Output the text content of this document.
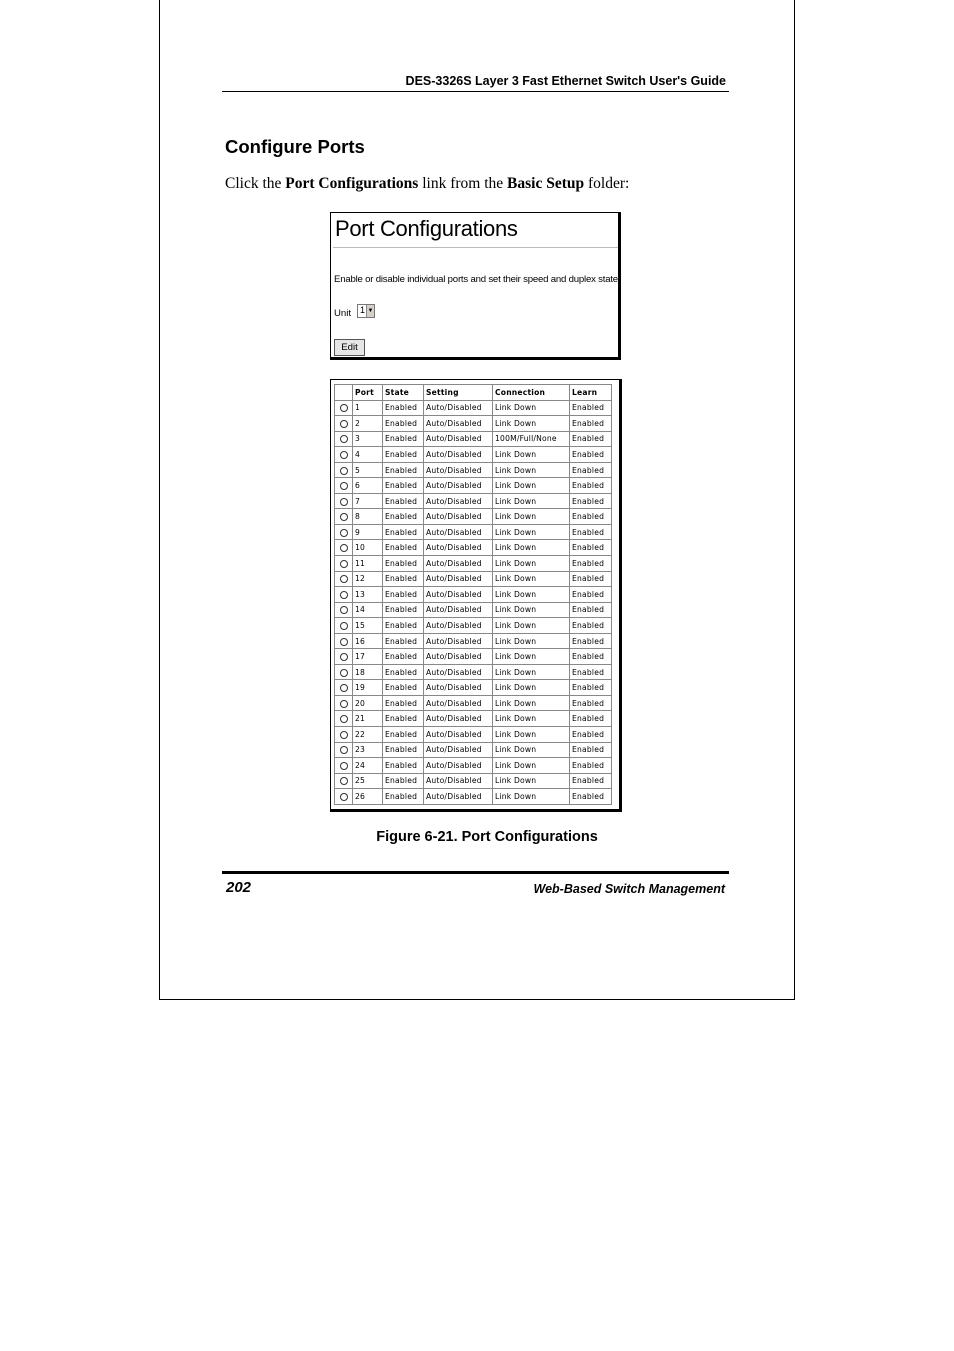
DES-3326S Layer 3 Fast Ethernet Switch User's Guide
Configure Ports
Click the Port Configurations link from the Basic Setup folder:
Port Configurations
Enable or disable individual ports and set their speed and duplex state.
Unit 1 ▼
Edit
	Port	State	Setting	Connection	Learn
	1	Enabled	Auto/Disabled	Link Down	Enabled
	2	Enabled	Auto/Disabled	Link Down	Enabled
	3	Enabled	Auto/Disabled	100M/Full/None	Enabled
	4	Enabled	Auto/Disabled	Link Down	Enabled
	5	Enabled	Auto/Disabled	Link Down	Enabled
	6	Enabled	Auto/Disabled	Link Down	Enabled
	7	Enabled	Auto/Disabled	Link Down	Enabled
	8	Enabled	Auto/Disabled	Link Down	Enabled
	9	Enabled	Auto/Disabled	Link Down	Enabled
	10	Enabled	Auto/Disabled	Link Down	Enabled
	11	Enabled	Auto/Disabled	Link Down	Enabled
	12	Enabled	Auto/Disabled	Link Down	Enabled
	13	Enabled	Auto/Disabled	Link Down	Enabled
	14	Enabled	Auto/Disabled	Link Down	Enabled
	15	Enabled	Auto/Disabled	Link Down	Enabled
	16	Enabled	Auto/Disabled	Link Down	Enabled
	17	Enabled	Auto/Disabled	Link Down	Enabled
	18	Enabled	Auto/Disabled	Link Down	Enabled
	19	Enabled	Auto/Disabled	Link Down	Enabled
	20	Enabled	Auto/Disabled	Link Down	Enabled
	21	Enabled	Auto/Disabled	Link Down	Enabled
	22	Enabled	Auto/Disabled	Link Down	Enabled
	23	Enabled	Auto/Disabled	Link Down	Enabled
	24	Enabled	Auto/Disabled	Link Down	Enabled
	25	Enabled	Auto/Disabled	Link Down	Enabled
	26	Enabled	Auto/Disabled	Link Down	Enabled
Figure 6-21. Port Configurations
202	Web-Based Switch Management
